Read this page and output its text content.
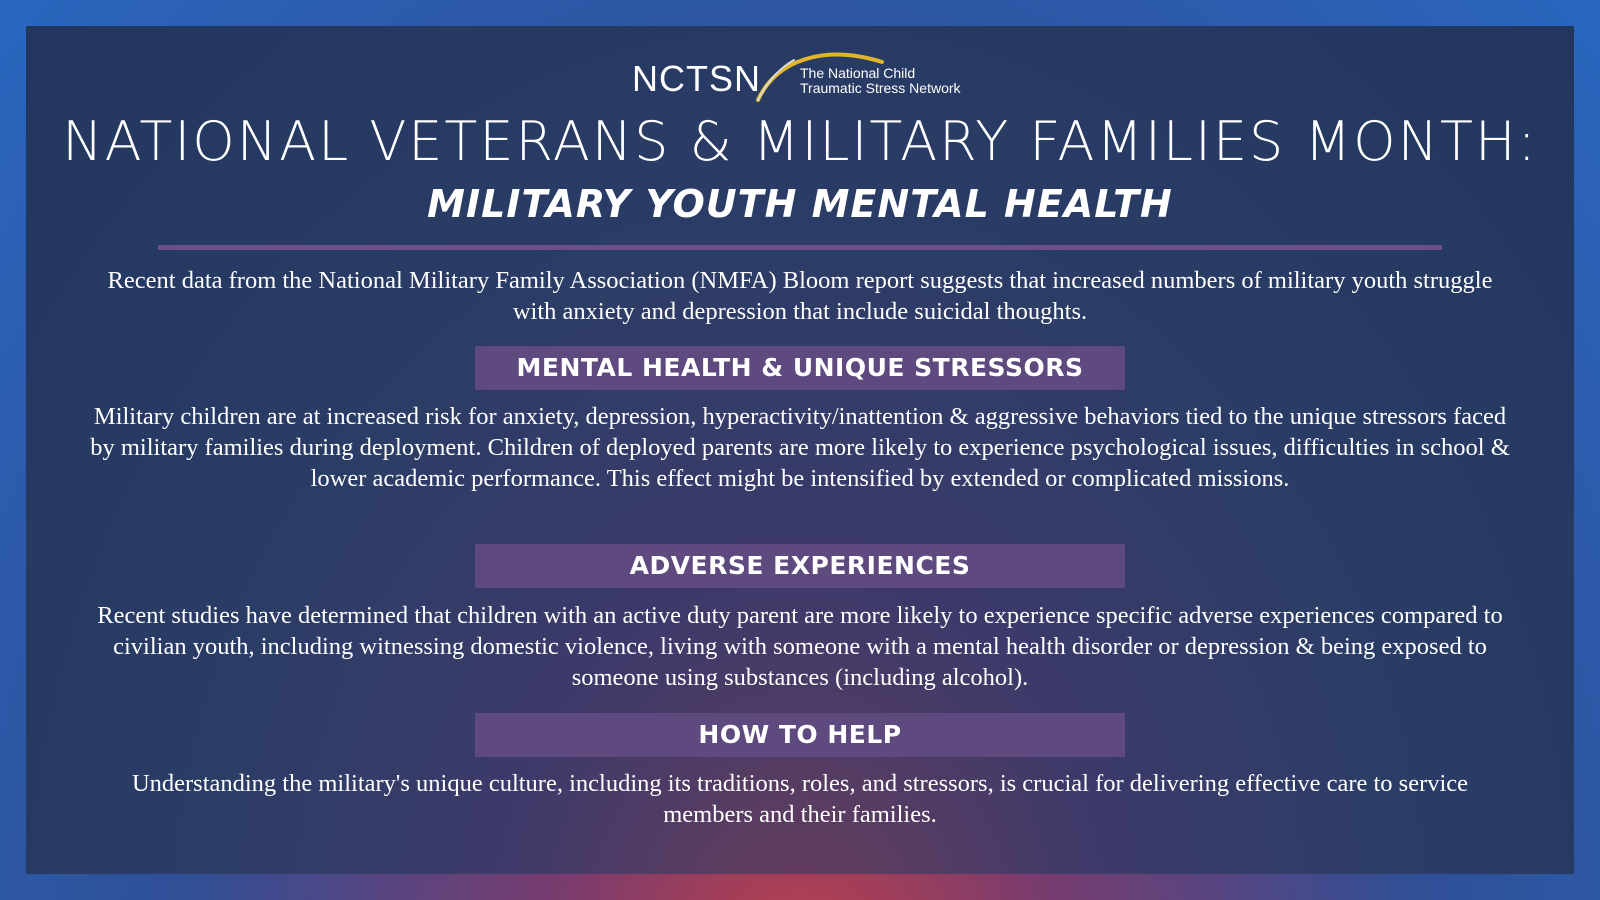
NCTSN	The National Child
Traumatic Stress Network
NATIONAL VETERANS & MILITARY FAMILIES MONTH:
MILITARY YOUTH MENTAL HEALTH
Recent data from the National Military Family Association (NMFA) Bloom report suggests that increased numbers of military youth struggle with anxiety and depression that include suicidal thoughts.
MENTAL HEALTH & UNIQUE STRESSORS
Military children are at increased risk for anxiety, depression, hyperactivity/inattention & aggressive behaviors tied to the unique stressors faced by military families during deployment. Children of deployed parents are more likely to experience psychological issues, difficulties in school & lower academic performance. This effect might be intensified by extended or complicated missions.
ADVERSE EXPERIENCES
Recent studies have determined that children with an active duty parent are more likely to experience specific adverse experiences compared to civilian youth, including witnessing domestic violence, living with someone with a mental health disorder or depression & being exposed to someone using substances (including alcohol).
HOW TO HELP
Understanding the military's unique culture, including its traditions, roles, and stressors, is crucial for delivering effective care to service members and their families.
